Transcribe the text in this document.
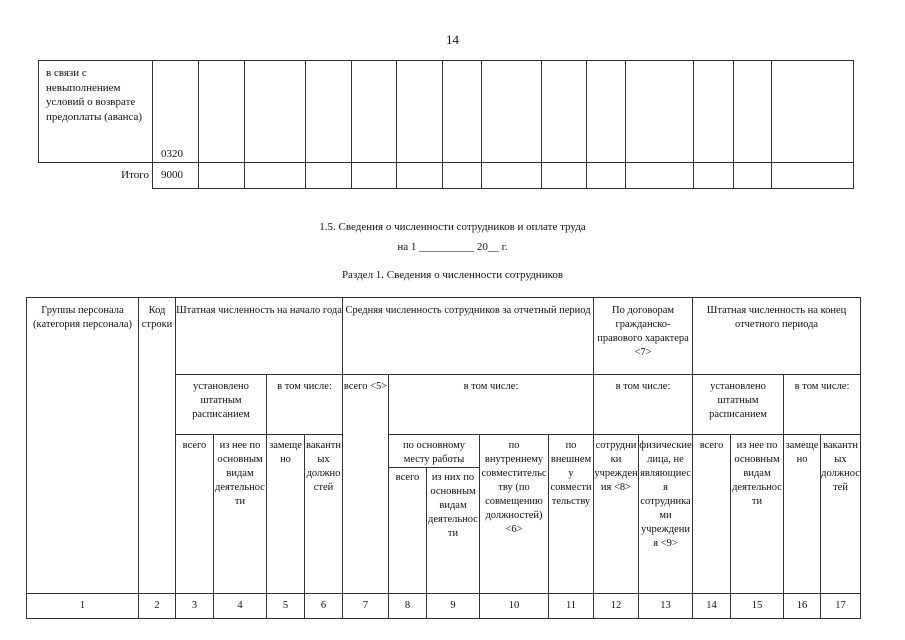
14
в связи с невыполнением условий о возврате предоплаты (аванса)	0320													
Итого	9000													
1.5. Сведения о численности сотрудников и оплате труда
на 1 __________ 20__ г.
Раздел 1. Сведения о численности сотрудников
Группы персонала (категория персонала)	Код строки	Штатная численность на начало года				Средняя численность сотрудников за отчетный период					По договорам гражданско-правового характера <7>		Штатная численность на конец отчетного периода			
		установлено штатным расписанием		в том числе:		всего <5>	в том числе:				в том числе:		установлено штатным расписанием		в том числе:	
		всего	из нее по основным видам деятельности	замещено	вакантных должностей		по основному месту работы		по внутреннему совместительству (по совмещению должностей) <6>	по внешнему совместительству	сотрудники учреждения <8>	физические лица, не являющиеся сотрудниками учреждения <9>	всего	из нее по основным видам деятельности	замещено	вакантных должностей
							всего	из них по основным видам деятельности								
1	2	3	4	5	6	7	8	9	10	11	12	13	14	15	16	17
